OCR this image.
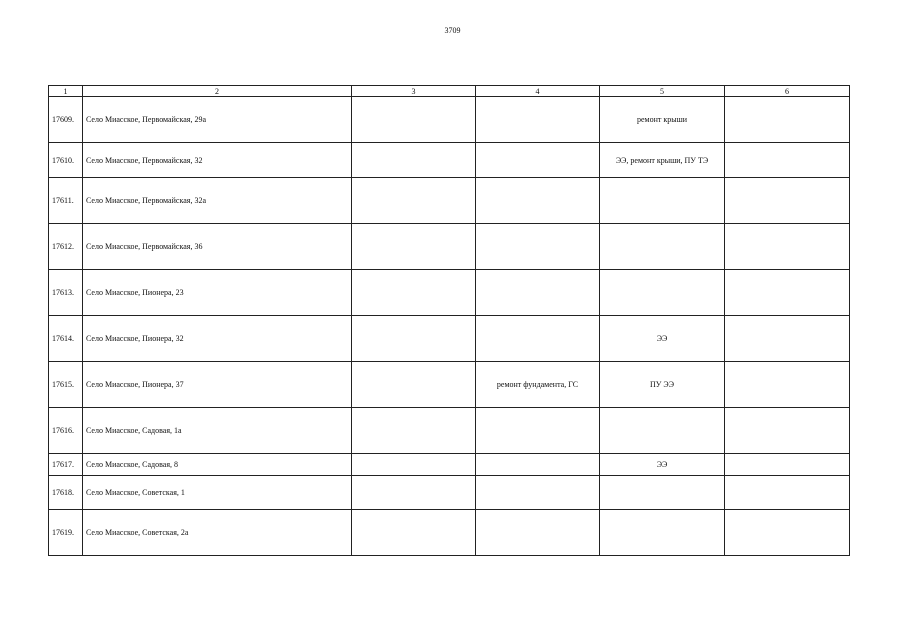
3709
1	2	3	4	5	6
17609.	Село Миасское, Первомайская, 29а			ремонт крыши	
17610.	Село Миасское, Первомайская, 32			ЭЭ, ремонт крыши, ПУ ТЭ	
17611.	Село Миасское, Первомайская, 32а				
17612.	Село Миасское, Первомайская, 36				
17613.	Село Миасское, Пионера, 23				
17614.	Село Миасское, Пионера, 32			ЭЭ	
17615.	Село Миасское, Пионера, 37		ремонт фундамента, ГС	ПУ ЭЭ	
17616.	Село Миасское, Садовая, 1а				
17617.	Село Миасское, Садовая, 8			ЭЭ	
17618.	Село Миасское, Советская, 1				
17619.	Село Миасское, Советская, 2а				
